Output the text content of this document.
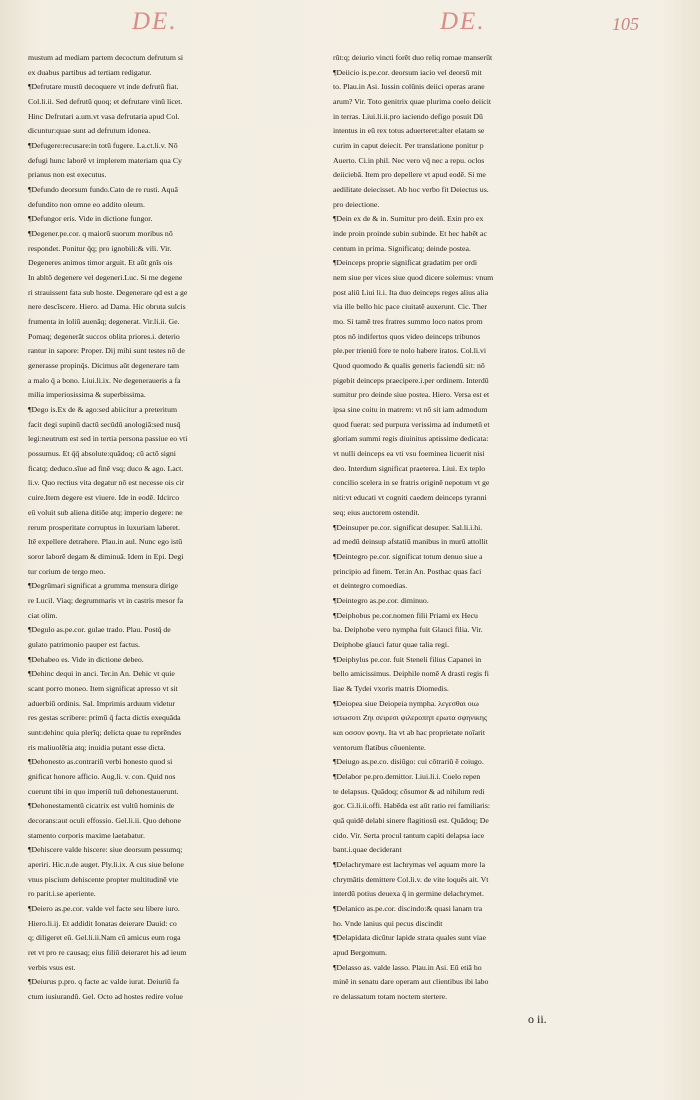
DE.	DE.	105
mustum ad mediam partem decoctum defrutum si
ex duabus partibus ad tertiam redigatur.
¶Defrutare mustū decoquere vt inde defrutū fiat.
Col.li.ii. Sed defrutū quoq; et defrutare vinū licet.
Hinc Defrutari a.um.vt vasa defrutaria apud Col.
dicuntur:quae sunt ad defrutum idonea.
¶Defugere:recusare:in totū fugere. La.ct.li.v. Nō
defugi hunc laborē vt implerem materiam qua Cy
prianus non est executus.
¶Defundo deorsum fundo.Cato de re rusti. Aquā
defundito non omne eo addito oleum.
¶Defungor eris. Vide in dictione fungor.
¶Degener.pe.cor. q maiorū suorum moribus nō
respondet. Ponitur q̄q; pro ignobili:& vili. Vir.
Degeneres animos timor arguit. Et aūt gnīs ois
In abltō degenere vel degeneri.Luc. Si me degene
ri strauissent fata sub hoste. Degenerare qd est a ge
nere descīscere. Hiero. ad Dama. Hic obruta sulcis
frumenta in loliū auenāq; degenerat. Vir.li.ii. Ge.
Pomaq; degenerāt succos oblita priores.i. deterio
rantur in sapore: Proper. Dij mihi sunt testes nō de
generasse propinq̄s. Dicimus aūt degenerare tam
a malo q̄ a bono. Liui.li.ix. Ne degeneraueris a fa
milia imperiosissima & superbissima.
¶Dego is.Ex de & ago:sed abiicitur a preteritum
facit degi supinū dactū secūdū anologiā:sed nusq̄
legi:neutrum est sed in tertia persona passiue eo vti
possumus. Et q̄q̄ absolute:quādoq; cū actō signi
ficatq; deduco.sīue ad finē vsq; duco & ago. Lact.
li.v. Quo rectius vita degatur nō est necesse ois cir
cuire.Item degere est viuere. Ide in eodē. Idcirco
eū voluit sub aliena ditiōe atq; imperio degere: ne
rerum prosperitate corruptus in luxuriam laberet.
Itē expellere detrahere. Plau.in aul. Nunc ego istū
soror laborē degam & diminuā. Idem in Epi. Degi
tur corium de tergo meo.
¶Degrūmari significat a grumma mensura dirige
re Lucil. Viaq; degrummaris vt in castris mesor fa
ciat olim.
¶Degulo as.pe.cor. gulae trado. Plau. Postq̄ de
gulato patrimonio pauper est factus.
¶Dehabeo es. Vide in dictione debeo.
¶Dehinc dequi in anci. Ter.in An. Dehic vt quie
scant porro moneo. Item significat apresso vt sit
aduerbiū ordinis. Sal. Imprimis arduum videtur
res gestas scribere: primū q̄ facta dictis exequāda
sunt:dehinc quia plerīq; delicta quae tu reprēndes
ris maliuolētia atq; inuidia putant esse dicta.
¶Dehonesto as.contrariū verbi honesto quod si
gnificat honore afficio. Aug.li. v. con. Quid nos
cuerunt tibi in quo imperiū tuū dehonestauerunt.
¶Dehonestamentū cicatrix est vultū hominis de
decorans:aut oculi effossio. Gel.li.ii. Quo dehone
stamento corporis maxime laetabatur.
¶Dehiscere valde hiscere: siue deorsum pessumq;
aperiri. Hic.n.de auget. Ply.li.ix. A cus siue belone
vnus piscium dehiscente propter multitudinē vte
ro parit.i.se aperiente.
¶Deiero as.pe.cor. valde vel facte seu libere iuro.
Hiero.li.ij. Et addidit Ionatas deierare Dauid: co
q; diligeret eū. Gel.li.ii.Nam cū amicus eum roga
ret vt pro re causaq; eius filiū deieraret his ad ieum
verbis vsus est.
¶Deiurus p.pro. q facte ac valde iurat. Deiuriū fa
ctum iusiurandū. Gel. Octo ad hostes redire volue
rūt:q; deiurio vincti forēt duo reliq romae manserūt
¶Deiicio is.pe.cor. deorsum iacio vel deorsū mit
to. Plau.in Asi. Iussin colūnis deiici operas arane
arum? Vir. Toto genitrix quae plurima coelo deiicit
in terras. Liui.li.ii.pro iaciendo defigo posuit Dū
intentus in eū rex totus aduerteret:alter elatam se
curim in caput deiecit. Per translatione ponitur p
Auerto. Ci.in phil. Nec vero vq̄ nec a repu. oclos
deiiciebā. Item pro depellere vt apud eodē. Si me
aedilitate deiecisset. Ab hoc verbo fit Deiectus us.
pro deiectione.
¶Dein ex de & in. Sumitur pro deiñ. Exin pro ex
inde proin proinde subin subinde. Et hec habēt ac
centum in prima. Significatq; deinde postea.
¶Deinceps proprie significat gradatim per ordi
nem siue per vices siue quod dicere solemus: vnum
post aliū Liui li.i. Ita duo deinceps reges alius alia
via ille bello hic pace ciuitatē auxerunt. Cic. Ther
mo. Si tamē tres fratres summo loco natos prom
ptos nō indifertos quos video deinceps tribunos
ple.per trieniū fore te nolo habere iratos. Col.li.vi
Quod quomodo & qualis generis faciendū sit: nō
pigebit deinceps praecipere.i.per ordinem. Interdū
sumitur pro deinde siue postea. Hiero. Versa est et
ipsa sine coitu in matrem: vt nō sit iam admodum
quod fuerat: sed purpura verissima ad indumetū et
gloriam summi regis diuinitus aptissime dedicata:
vt nulli deinceps ea vti vsu foeminea licuerit nisi
deo. Interdum significat praeterea. Liui. Ex teplo
concilio scelera in se fratris originē nepotum vt ge
niti:vt educati vt cogniti caedem deinceps tyranni
seq; eius auctorem ostendit.
¶Deinsuper pe.cor. significat desuper. Sal.li.i.hi.
ad medū deinsup afstatiū manibus in murū attollit
¶Deintegro pe.cor. significat totum denuo siue a
principio ad finem. Ter.in An. Posthac quas faci
et deintegro comoedias.
¶Deintegro as.pe.cor. diminuo.
¶Deiphobus pe.cor.nomen filii Priami ex Hecu
ba. Deiphobe vero nympha fuit Glauci filia. Vir.
Deiphobe glauci fatur quae talia regi.
¶Deiphylus pe.cor. fuit Steneli filius Capanei in
bello amicissimus. Deiphile nomē A drasti regis fi
liae & Tydei vxoris matris Diomedis.
¶Deiopea siue Deiopeia nympha. λεγεσθαι οιω
ιστωσοτι Ζηι σειρεσι φιλεροπηπ ερωτα σφηνικης
και οσσον φονηι. Ita vt ab hac proprietate noīarit
ventorum flatibus cōueniente.
¶Deiugo as.pe.co. disiūgo: cui cōtrariū ē coiugo.
¶Delabor pe.pro.demittor. Liui.li.i. Coelo repen
te delapsus. Quādoq; cōsumor & ad nihilum redi
gor. Ci.li.ii.offi. Habēda est aūt ratio rei familiaris:
quā quidē delabi sinere flagitiosū est. Quādoq; De
cido. Vir. Serta procul tantum capiti delapsa iace
bant.i.quae deciderant
¶Delachrymare est lachrymas vel aquam more la
chrymātis demittere Col.li.v. de vite loquēs ait. Vt
interdū potius deuexa q̄ in germine delachrymet.
¶Delanico as.pe.cor. discindo:& quasi lanam tra
ho. Vnde lanius qui pecus discindit
¶Delapidata dicūtur lapide strata quales sunt viae
apud Bergomum.
¶Delasso as. valde lasso. Plau.in Asi. Eū etiā ho
minē in senatu dare operam aut clientibus ibi labo
re delassatum totam noctem stertere.
o ii.
